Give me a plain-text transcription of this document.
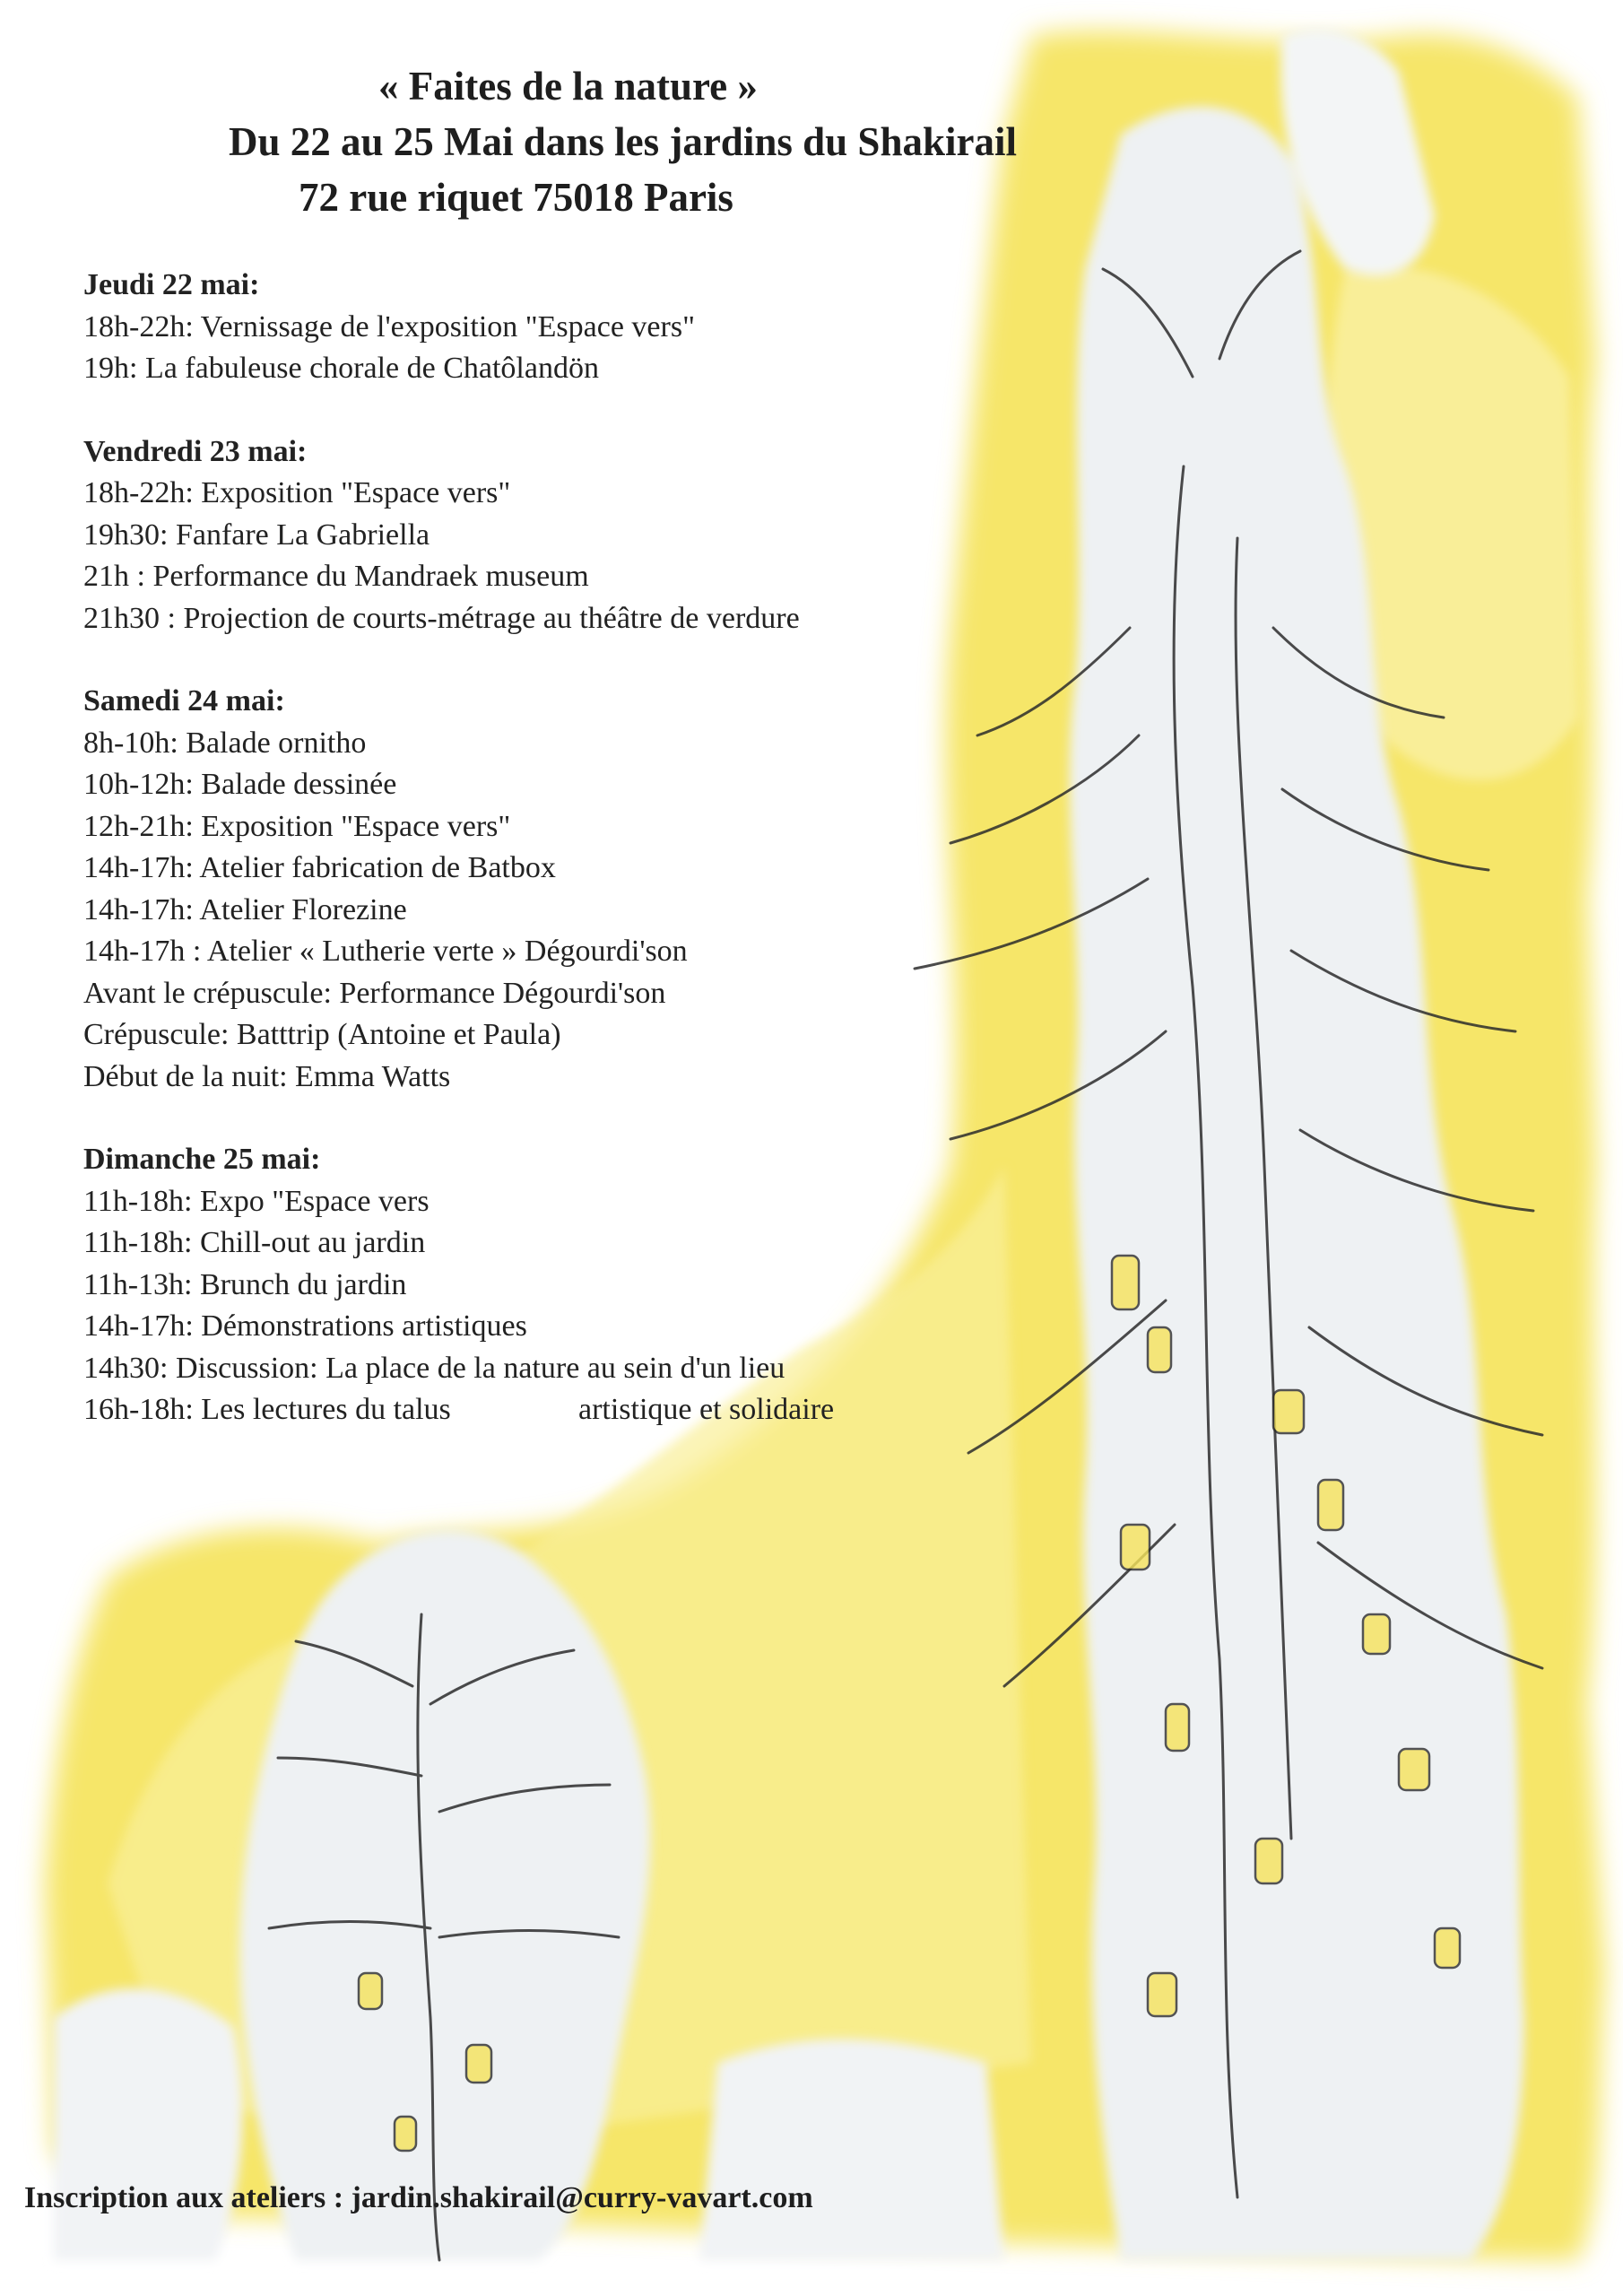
« Faites de la nature »
Du 22 au 25 Mai dans les jardins du Shakirail
72 rue riquet 75018 Paris
Jeudi 22 mai:
18h-22h: Vernissage de l'exposition "Espace vers"
19h: La fabuleuse chorale de Chatôlandön
Vendredi 23 mai:
18h-22h: Exposition "Espace vers"
19h30: Fanfare La Gabriella
21h : Performance du Mandraek museum
21h30 : Projection de courts-métrage au théâtre de verdure
Samedi 24 mai:
8h-10h: Balade ornitho
10h-12h: Balade dessinée
12h-21h: Exposition "Espace vers"
14h-17h: Atelier fabrication de Batbox
14h-17h: Atelier Florezine
14h-17h : Atelier « Lutherie verte » Dégourdi'son
Avant le crépuscule: Performance Dégourdi'son
Crépuscule: Batttrip (Antoine et Paula)
Début de la nuit: Emma Watts
Dimanche 25 mai:
11h-18h: Expo "Espace vers
11h-18h: Chill-out au jardin
11h-13h: Brunch du jardin
14h-17h: Démonstrations artistiques
14h30: Discussion: La place de la nature au sein d'un lieu
16h-18h: Les lectures du talus	artistique et solidaire
Inscription aux ateliers : jardin.shakirail@curry-vavart.com
